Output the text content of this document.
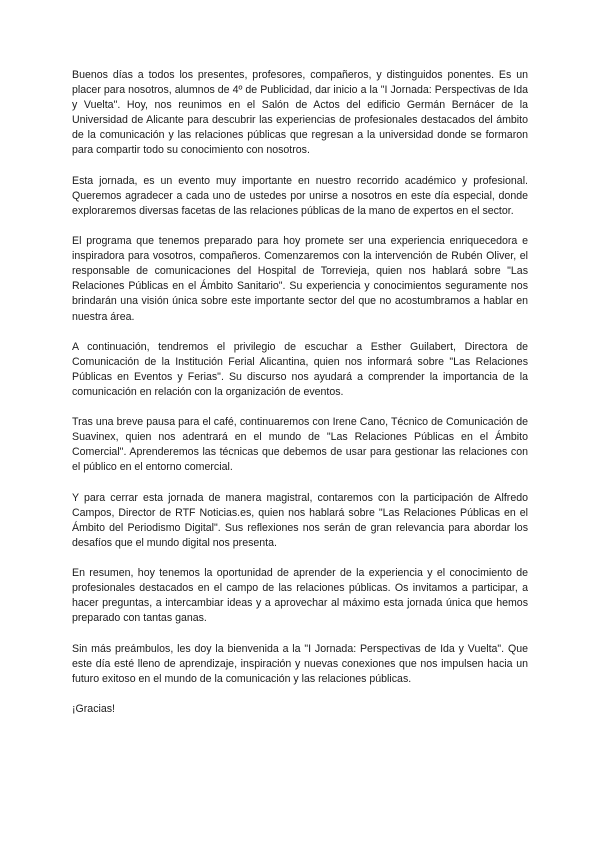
Buenos días a todos los presentes, profesores, compañeros, y distinguidos ponentes. Es un placer para nosotros, alumnos de 4º de Publicidad, dar inicio a la "I Jornada: Perspectivas de Ida y Vuelta". Hoy, nos reunimos en el Salón de Actos del edificio Germán Bernácer de la Universidad de Alicante para descubrir las experiencias de profesionales destacados del ámbito de la comunicación y las relaciones públicas que regresan a la universidad donde se formaron para compartir todo su conocimiento con nosotros.

Esta jornada, es un evento muy importante en nuestro recorrido académico y profesional. Queremos agradecer a cada uno de ustedes por unirse a nosotros en este día especial, donde exploraremos diversas facetas de las relaciones públicas de la mano de expertos en el sector.

El programa que tenemos preparado para hoy promete ser una experiencia enriquecedora e inspiradora para vosotros, compañeros. Comenzaremos con la intervención de Rubén Oliver, el responsable de comunicaciones del Hospital de Torrevieja, quien nos hablará sobre "Las Relaciones Públicas en el Ámbito Sanitario". Su experiencia y conocimientos seguramente nos brindarán una visión única sobre este importante sector del que no acostumbramos a hablar en nuestra área.

A continuación, tendremos el privilegio de escuchar a Esther Guilabert, Directora de Comunicación de la Institución Ferial Alicantina, quien nos informará sobre "Las Relaciones Públicas en Eventos y Ferias". Su discurso nos ayudará a comprender la importancia de la comunicación en relación con la organización de eventos.

Tras una breve pausa para el café, continuaremos con Irene Cano, Técnico de Comunicación de Suavinex, quien nos adentrará en el mundo de "Las Relaciones Públicas en el Ámbito Comercial". Aprenderemos las técnicas que debemos de usar para gestionar las relaciones con el público en el entorno comercial.

Y para cerrar esta jornada de manera magistral, contaremos con la participación de Alfredo Campos, Director de RTF Noticias.es, quien nos hablará sobre "Las Relaciones Públicas en el Ámbito del Periodismo Digital". Sus reflexiones nos serán de gran relevancia para abordar los desafíos que el mundo digital nos presenta.

En resumen, hoy tenemos la oportunidad de aprender de la experiencia y el conocimiento de profesionales destacados en el campo de las relaciones públicas. Os invitamos a participar, a hacer preguntas, a intercambiar ideas y a aprovechar al máximo esta jornada única que hemos preparado con tantas ganas.

Sin más preámbulos, les doy la bienvenida a la "I Jornada: Perspectivas de Ida y Vuelta". Que este día esté lleno de aprendizaje, inspiración y nuevas conexiones que nos impulsen hacia un futuro exitoso en el mundo de la comunicación y las relaciones públicas.

¡Gracias!
